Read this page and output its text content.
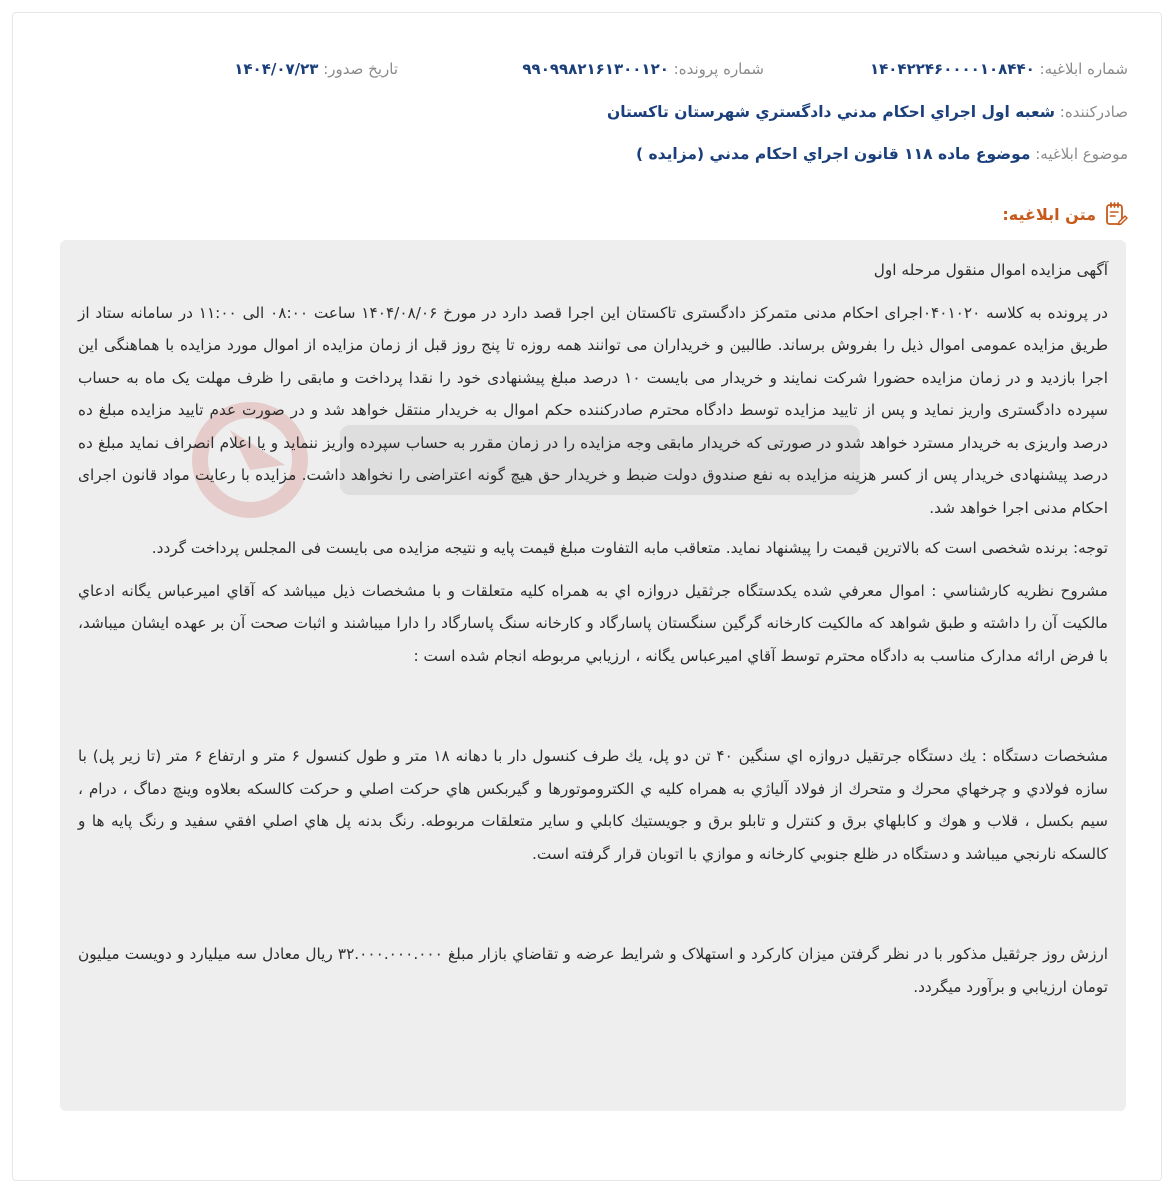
شماره ابلاغيه: ۱۴۰۴۲۲۴۶۰۰۰۰۱۰۸۴۴۰
شماره پرونده: ۹۹۰۹۹۸۲۱۶۱۳۰۰۱۲۰
تاريخ صدور: ۱۴۰۴/۰۷/۲۳
صادرکننده:

شعبه اول اجراي احکام مدني دادگستري شهرستان تاکستان
موضوع ابلاغيه:

موضوع ماده ۱۱۸ قانون اجراي احکام مدني (مزايده )
متن ابلاغيه:

آگهی مزایده اموال منقول مرحله اول

در پرونده به کلاسه ۰۴۰۱۰۲۰اجرای احکام مدنی متمرکز دادگستری تاکستان این اجرا قصد دارد در مورخ ۱۴۰۴/۰۸/۰۶ ساعت ۰۸:۰۰ الی ۱۱:۰۰ در سامانه ستاد از طریق مزایده عمومی اموال ذیل را بفروش برساند. طالبین و خریداران می توانند همه روزه تا پنج روز قبل از زمان مزایده از اموال مورد مزایده با هماهنگی این اجرا بازدید و در زمان مزایده حضورا شرکت نمایند و خریدار می بایست ۱۰ درصد مبلغ پیشنهادی خود را نقدا پرداخت و مابقی را ظرف مهلت یک ماه به حساب سپرده دادگستری واریز نماید و پس از تایید مزایده توسط دادگاه محترم صادرکننده حکم اموال به خریدار منتقل خواهد شد و در صورت عدم تایید مزایده مبلغ ده درصد واریزی به خریدار مسترد خواهد شدو در صورتی که خریدار مابقی وجه مزایده را در زمان مقرر به حساب سپرده واریز ننماید و یا اعلام انصراف نماید مبلغ ده درصد پیشنهادی خریدار پس از کسر هزینه مزایده به نفع صندوق دولت ضبط و خریدار حق هیچ گونه اعتراضی را نخواهد داشت. مزایده با رعایت مواد قانون اجرای احکام مدنی اجرا خواهد شد.

توجه: برنده شخصی است که بالاترین قیمت را پیشنهاد نماید. متعاقب مابه التفاوت مبلغ قیمت پایه و نتیجه مزایده می بایست فی المجلس پرداخت گردد.

مشروح نظريه کارشناسي : اموال معرفي شده يکدستگاه جرثقيل دروازه اي به همراه کليه متعلقات و با مشخصات ذيل ميباشد که آقاي اميرعباس يگانه ادعاي مالکيت آن را داشته و طبق شواهد که مالکيت کارخانه گرگين سنگستان پاسارگاد و کارخانه سنگ پاسارگاد را دارا ميباشند و اثبات صحت آن بر عهده ايشان ميباشد، با فرض ارائه مدارک مناسب به دادگاه محترم توسط آقاي اميرعباس يگانه ، ارزيابي مربوطه انجام شده است :

مشخصات دستگاه : يك دستگاه جرتقيل دروازه اي سنگين ۴۰ تن دو پل، يك طرف كنسول دار با دهانه ۱۸ متر و طول کنسول ۶ متر و ارتفاع ۶ متر (تا زير پل) با سازه فولادي و چرخهاي محرك و متحرك از فولاد آلياژي به همراه كليه ي الكتروموتورها و گيربكس هاي حركت اصلي و حركت كالسكه بعلاوه وينچ دماگ ، درام ، سيم بكسل ، قلاب و هوك و كابلهاي برق و كنترل و تابلو برق و جويستيك كابلي و ساير متعلقات مربوطه. رنگ بدنه پل هاي اصلي افقي سفيد و رنگ پايه ها و كالسكه نارنجي ميباشد و دستگاه در ظلع جنوبي كارخانه و موازي با اتوبان قرار گرفته است.

ارزش روز جرثقيل مذکور با در نظر گرفتن ميزان کارکرد و استهلاک و شرايط عرضه و تقاضاي بازار مبلغ ۳۲.۰۰۰.۰۰۰.۰۰۰ ريال معادل سه ميليارد و دويست ميليون تومان ارزيابي و برآورد ميگردد.
